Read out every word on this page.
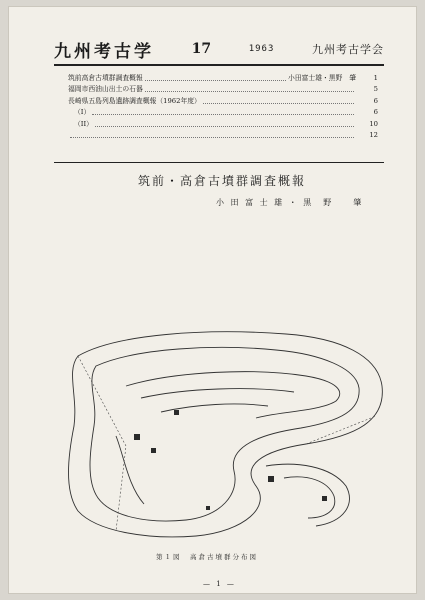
九州考古学	17	1963	九州考古学会
筑前高倉古墳群調査概報	小田富士雄・黒野　肇	1
福岡市西油山出土の石器	5
長崎県五島列島遺跡調査概報（1962年度）	6
（I）	6
（II）	10
12
筑前・高倉古墳群調査概報
小 田 富 士 雄 ・ 黒　野　　肇
第１図　高倉古墳群分布図
— 1 —
